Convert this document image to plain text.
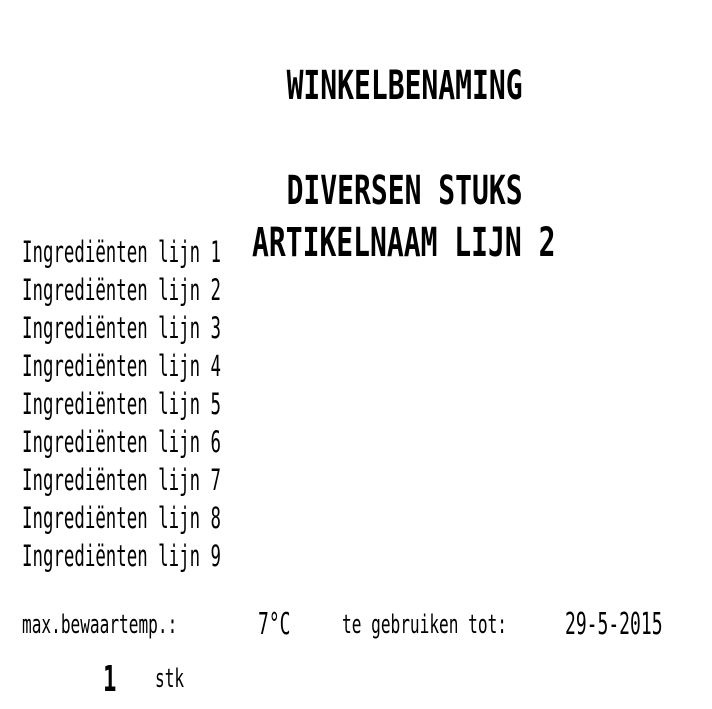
WINKELBENAMING

DIVERSEN STUKS

ARTIKELNAAM LIJN 2

Ingrediënten lijn 1
Ingrediënten lijn 2
Ingrediënten lijn 3
Ingrediënten lijn 4
Ingrediënten lijn 5
Ingrediënten lijn 6
Ingrediënten lijn 7
Ingrediënten lijn 8
Ingrediënten lijn 9
max.bewaartemp.:	7°C te gebruiken tot: 29-5-2015
1 stk
